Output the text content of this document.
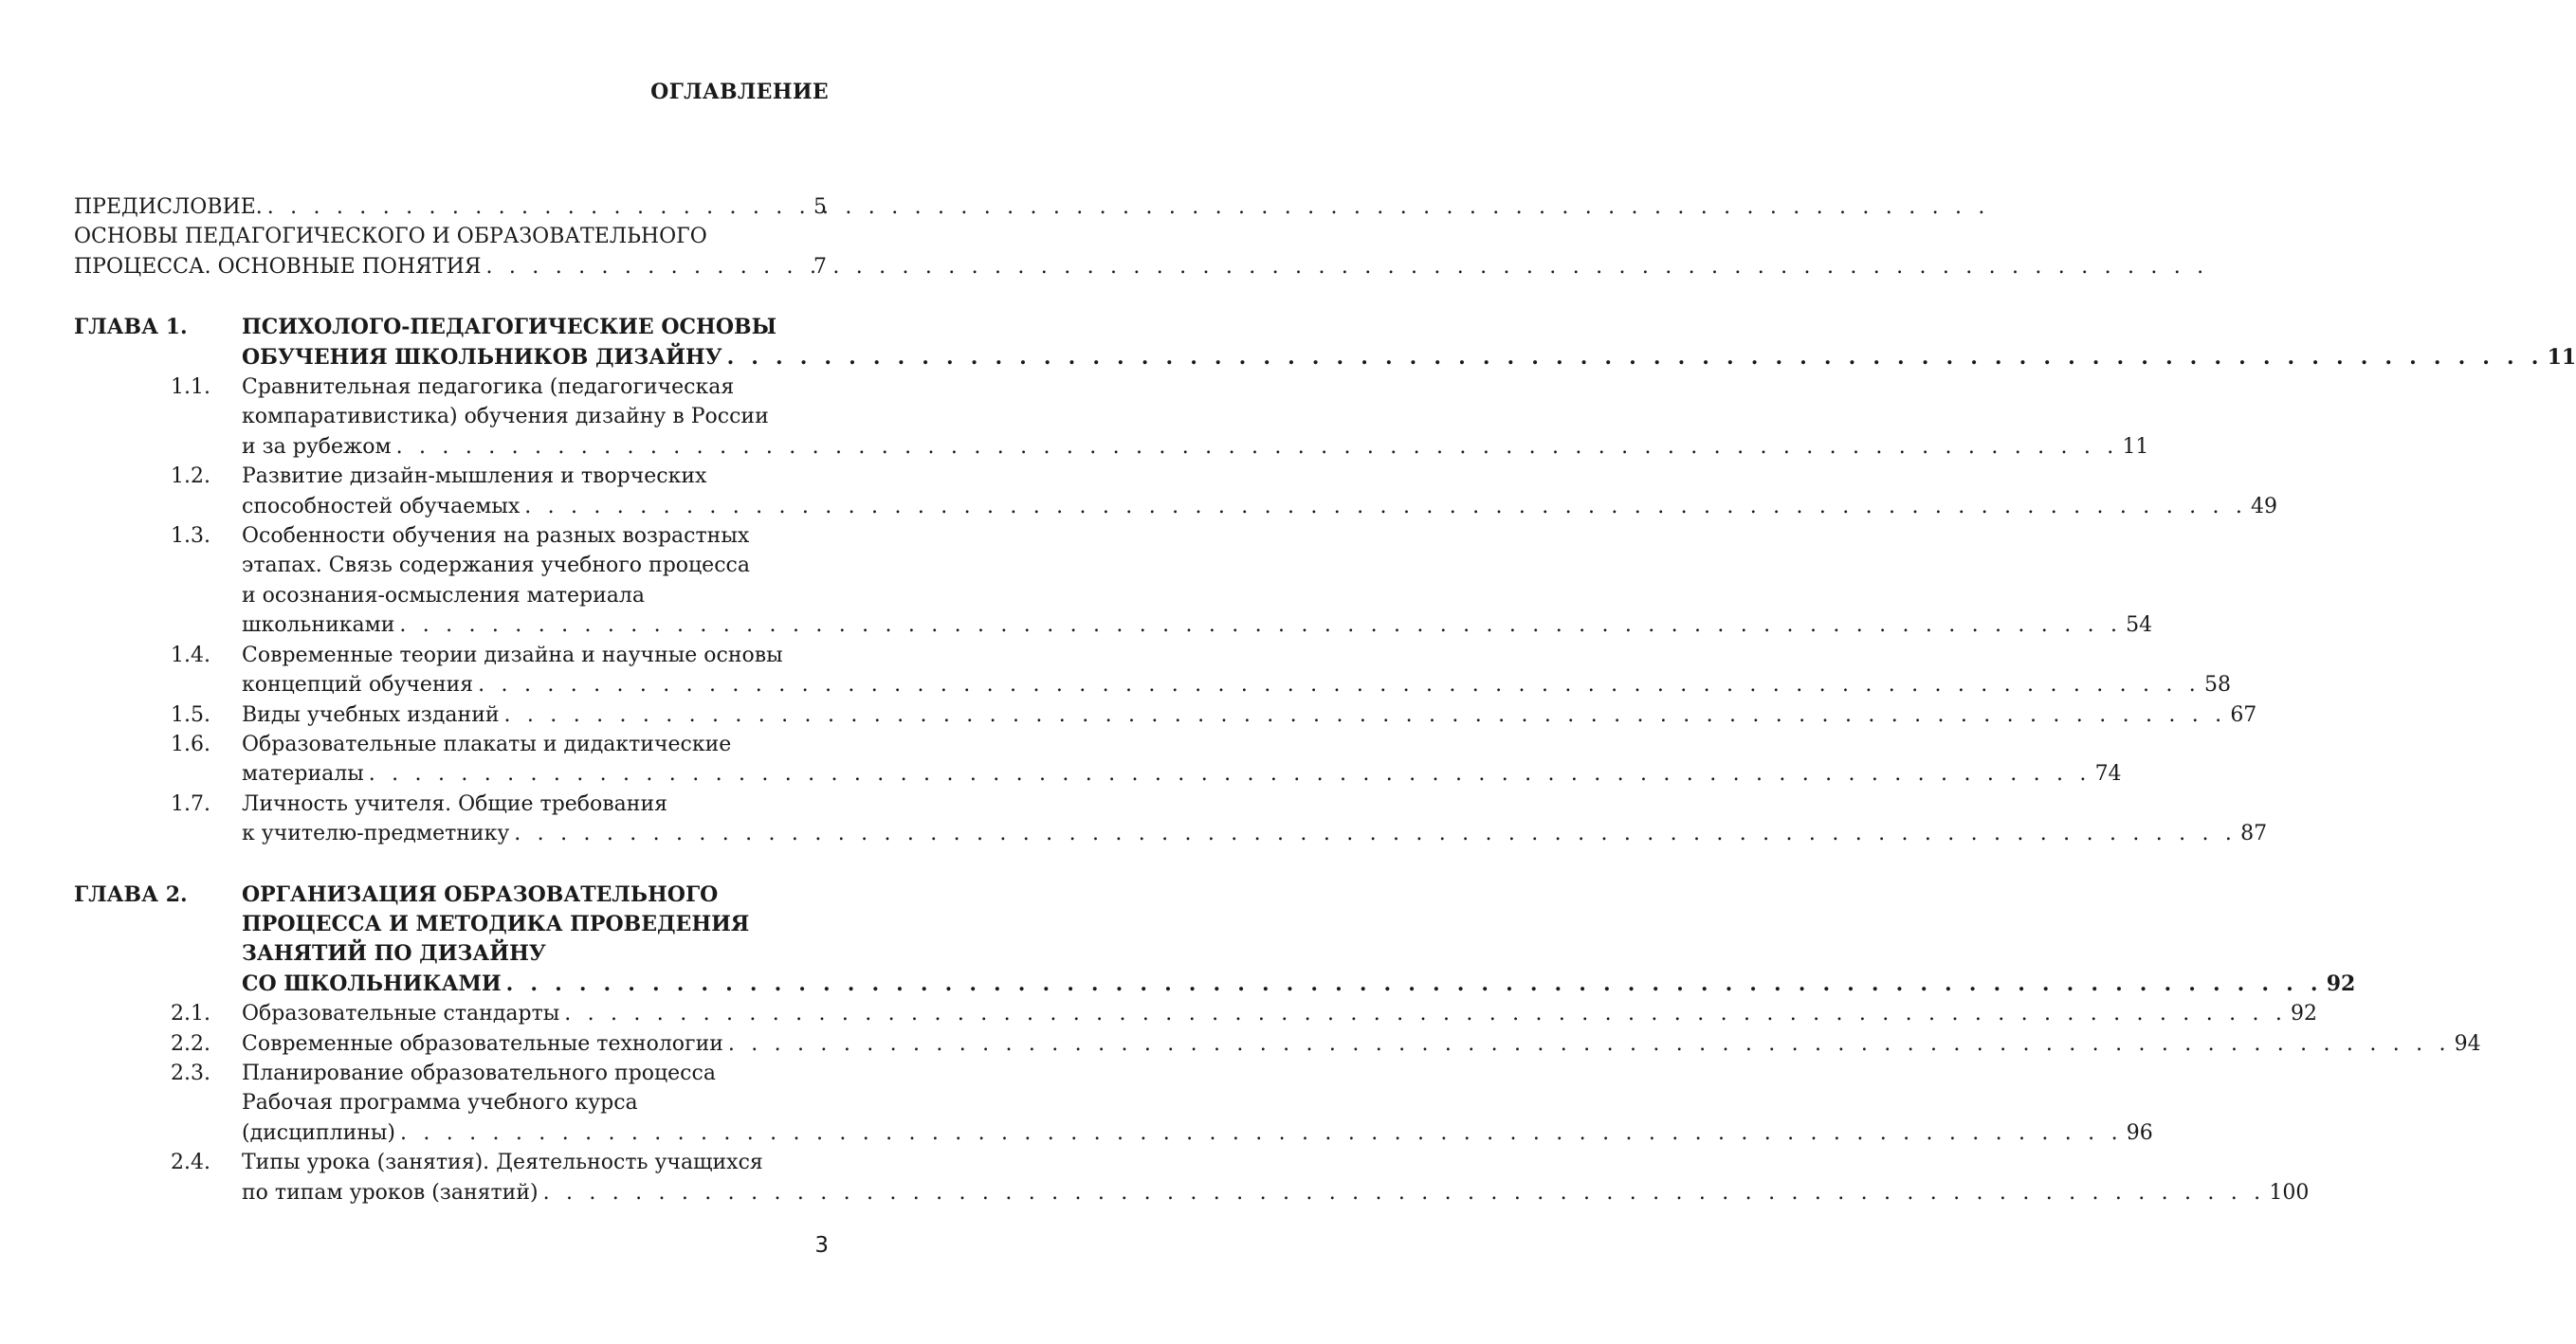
ОГЛАВЛЕНИЕ
ПРЕДИСЛОВИЕ. . . .	5
ОСНОВЫ ПЕДАГОГИЧЕСКОГО И ОБРАЗОВАТЕЛЬНОГО
ПРОЦЕССА. ОСНОВНЫЕ ПОНЯТИЯ . . .	7
ГЛАВА 1.	ПСИХОЛОГО-ПЕДАГОГИЧЕСКИЕ ОСНОВЫ
ОБУЧЕНИЯ ШКОЛЬНИКОВ ДИЗАЙНУ . . .	11
1.1.	Сравнительная педагогика (педагогическая
компаративистика) обучения дизайну в России
и за рубежом . . .	11
1.2.	Развитие дизайн-мышления и творческих
способностей обучаемых . . .	49
1.3.	Особенности обучения на разных возрастных
этапах. Связь содержания учебного процесса
и осознания-осмысления материала
школьниками . . .	54
1.4.	Современные теории дизайна и научные основы
концепций обучения . . .	58
1.5.	Виды учебных изданий . . .	67
1.6.	Образовательные плакаты и дидактические
материалы . . .	74
1.7.	Личность учителя. Общие требования
к учителю-предметнику . . .	87
ГЛАВА 2.	ОРГАНИЗАЦИЯ ОБРАЗОВАТЕЛЬНОГО
ПРОЦЕССА И МЕТОДИКА ПРОВЕДЕНИЯ
ЗАНЯТИЙ ПО ДИЗАЙНУ
СО ШКОЛЬНИКАМИ . . .	92
2.1.	Образовательные стандарты . . .	92
2.2.	Современные образовательные технологии . . .	94
2.3.	Планирование образовательного процесса
Рабочая программа учебного курса
(дисциплины) . . .	96
2.4.	Типы урока (занятия). Деятельность учащихся
по типам уроков (занятий) . . .	100
3
